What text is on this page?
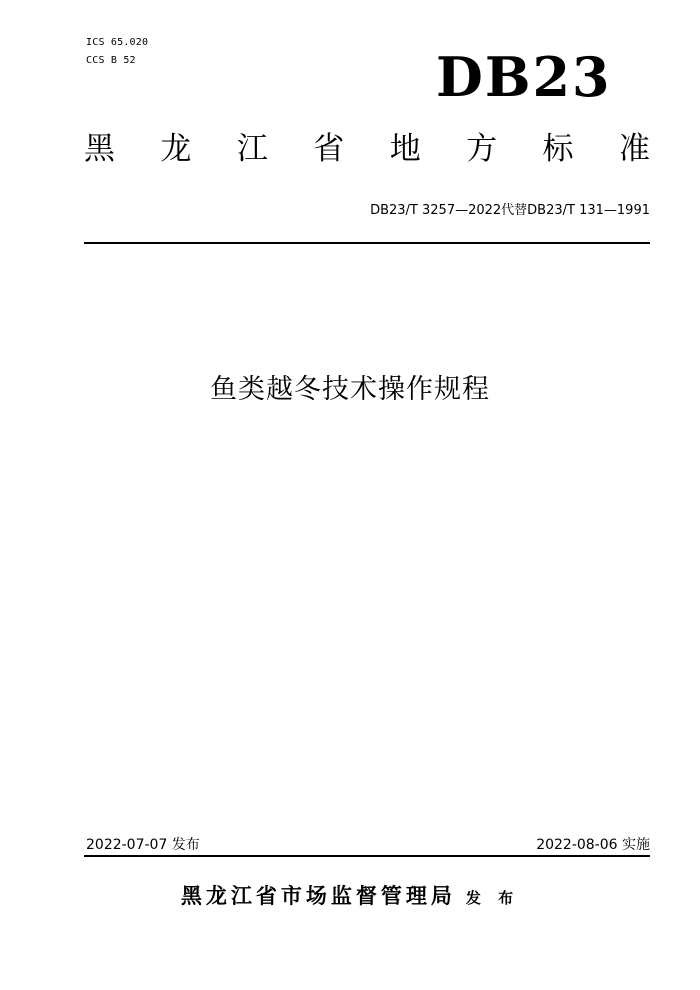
ICS 65.020
CCS B 52	DB23
黑 龙 江 省 地 方 标 准
DB23/T 3257—2022代替DB23/T 131—1991
鱼类越冬技术操作规程
2022-07-07 发布	2022-08-06 实施
黑龙江省市场监督管理局 发 布
